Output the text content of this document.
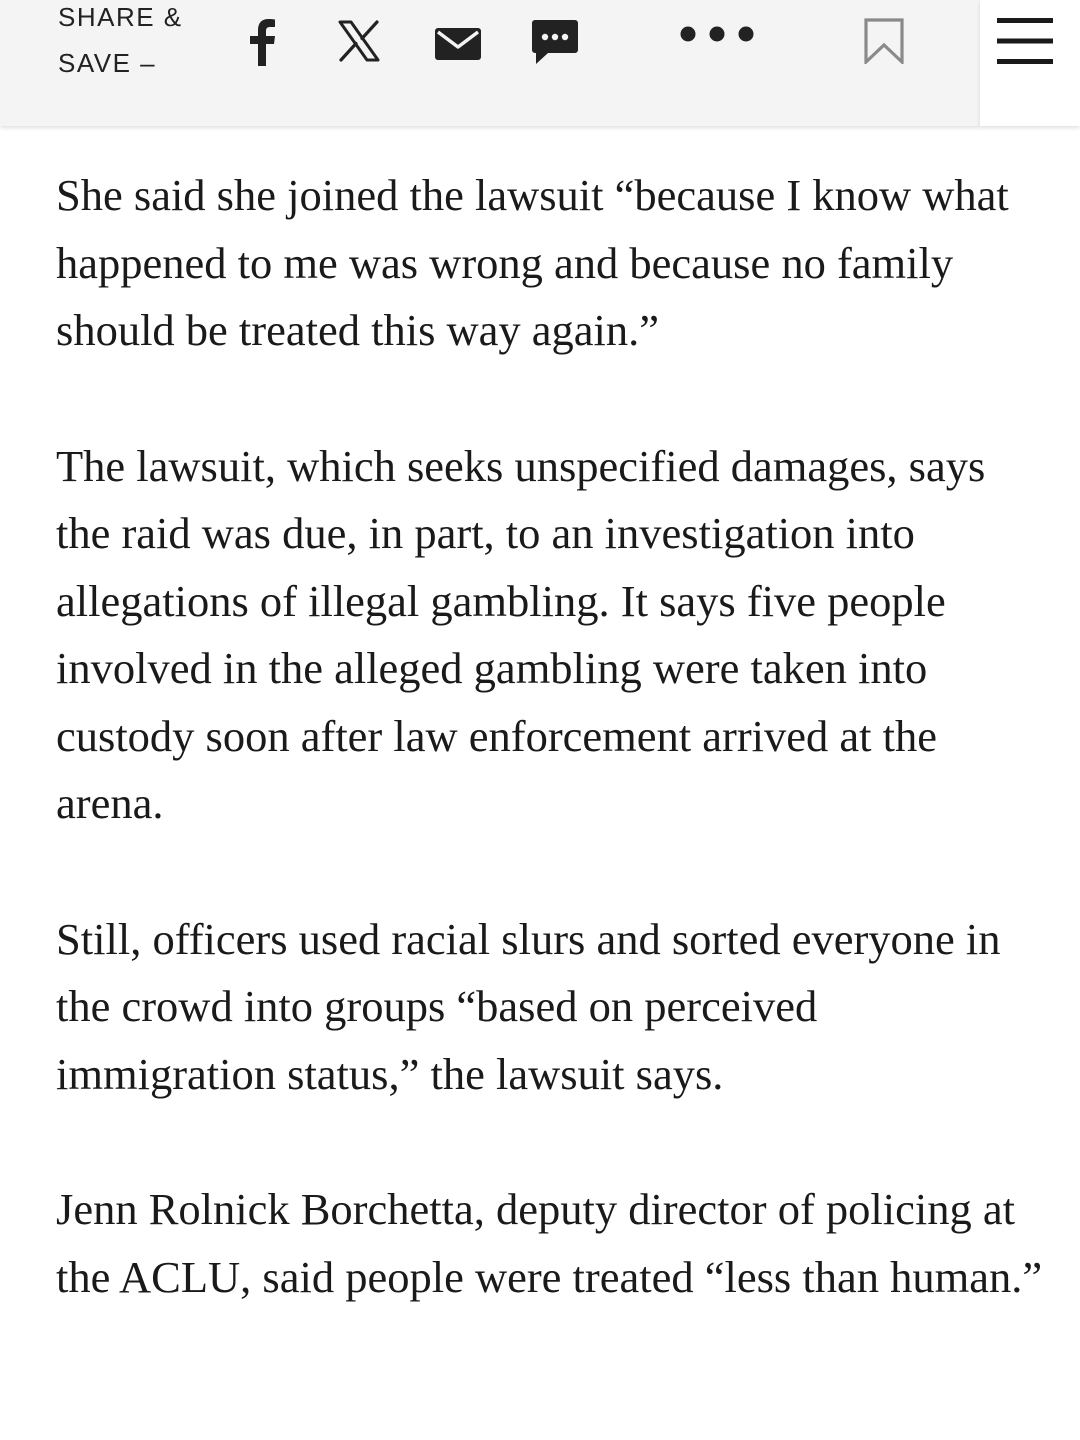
SHARE &
SAVE –

She said she joined the lawsuit “because I know what happened to me was wrong and because no family should be treated this way again.”

The lawsuit, which seeks unspecified damages, says the raid was due, in part, to an investigation into allegations of illegal gambling. It says five people involved in the alleged gambling were taken into custody soon after law enforcement arrived at the arena.

Still, officers used racial slurs and sorted everyone in the crowd into groups “based on perceived immigration status,” the lawsuit says.

Jenn Rolnick Borchetta, deputy director of policing at the ACLU, said people were treated “less than human.”
